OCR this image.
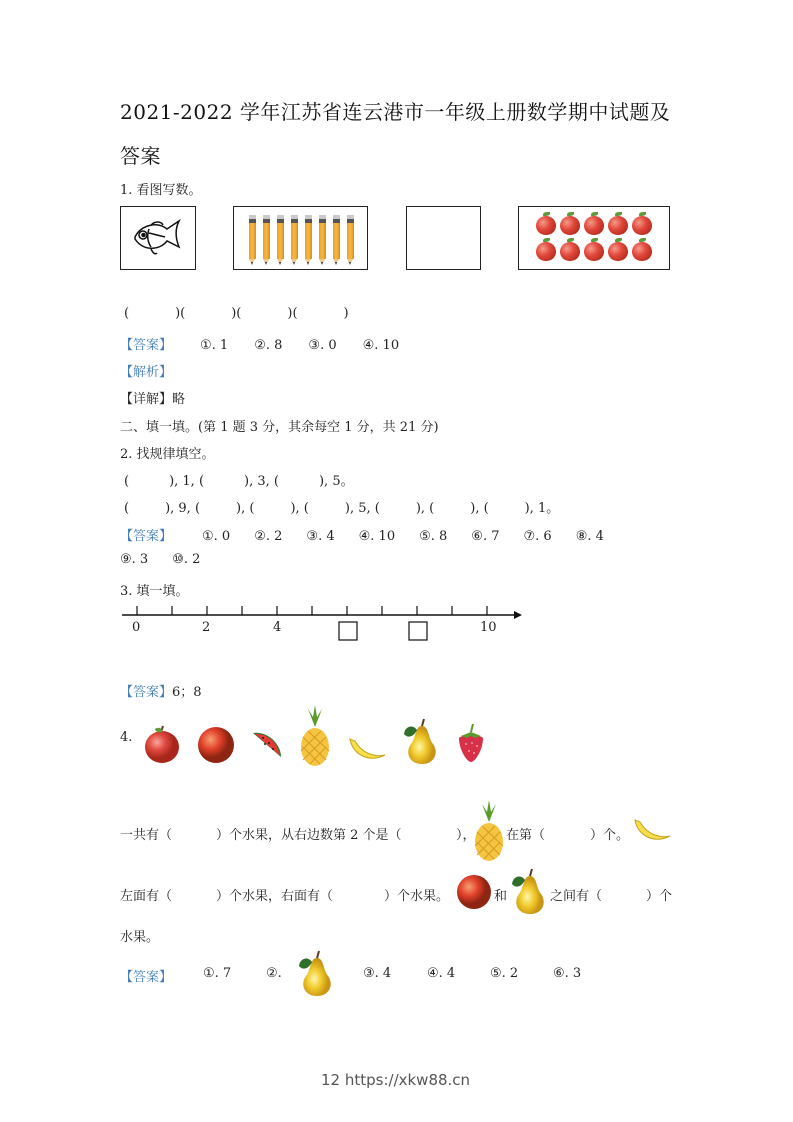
2021-2022 学年江苏省连云港市一年级上册数学期中试题及
答案
1. 看图写数。
(	)(	)(	)(	)
【答案】 ①. 1 ②. 8 ③. 0 ④. 10
【解析】
【详解】略
二、填一填。(第 1 题 3 分，其余每空 1 分，共 21 分)
2. 找规律填空。
(	), 1, (	), 3, (	), 5。
(	), 9, (	), (	), (	), 5, (	), (	), (	), 1。
【答案】 ①. 0 ②. 2 ③. 4 ④. 10 ⑤. 8 ⑥. 7 ⑦. 6 ⑧. 4
⑨. 3 ⑩. 2
3. 填一填。
0	2	4	10
【答案】6；8
4.
一共有（	）个水果，从右边数第 2 个是（	）， 在第（	）个。
左面有（	）个水果，右面有（	）个水果。	和	之间有（	）个
水果。
【答案】 ①. 7	②.	③. 4	④. 4	⑤. 2	⑥. 3
12 https://xkw88.cn
